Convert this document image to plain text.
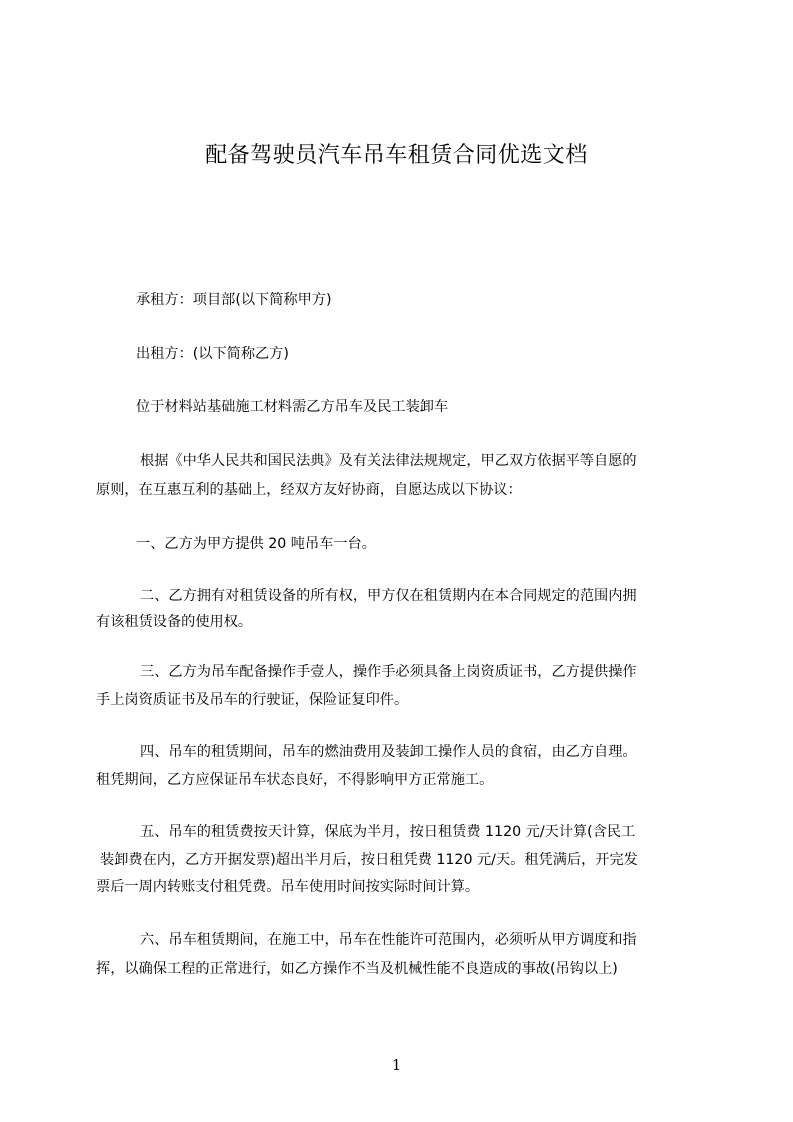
配备驾驶员汽车吊车租赁合同优选文档
承租方：项目部(以下简称甲方)
出租方：(以下简称乙方)
位于材料站基础施工材料需乙方吊车及民工装卸车
根据《中华人民共和国民法典》及有关法律法规规定，甲乙双方依据平等自愿的
原则，在互惠互利的基础上，经双方友好协商，自愿达成以下协议：
一、乙方为甲方提供 20 吨吊车一台。
二、乙方拥有对租赁设备的所有权，甲方仅在租赁期内在本合同规定的范围内拥
有该租赁设备的使用权。
三、乙方为吊车配备操作手壹人，操作手必须具备上岗资质证书，乙方提供操作
手上岗资质证书及吊车的行驶证，保险证复印件。
四、吊车的租赁期间，吊车的燃油费用及装卸工操作人员的食宿，由乙方自理。
租凭期间，乙方应保证吊车状态良好，不得影响甲方正常施工。
五、吊车的租赁费按天计算，保底为半月，按日租赁费 1120 元/天计算(含民工
装卸费在内，乙方开据发票)超出半月后，按日租凭费 1120 元/天。租凭满后，开完发
票后一周内转账支付租凭费。吊车使用时间按实际时间计算。
六、吊车租赁期间，在施工中，吊车在性能许可范围内，必须听从甲方调度和指
挥，以确保工程的正常进行，如乙方操作不当及机械性能不良造成的事故(吊钩以上)
1
